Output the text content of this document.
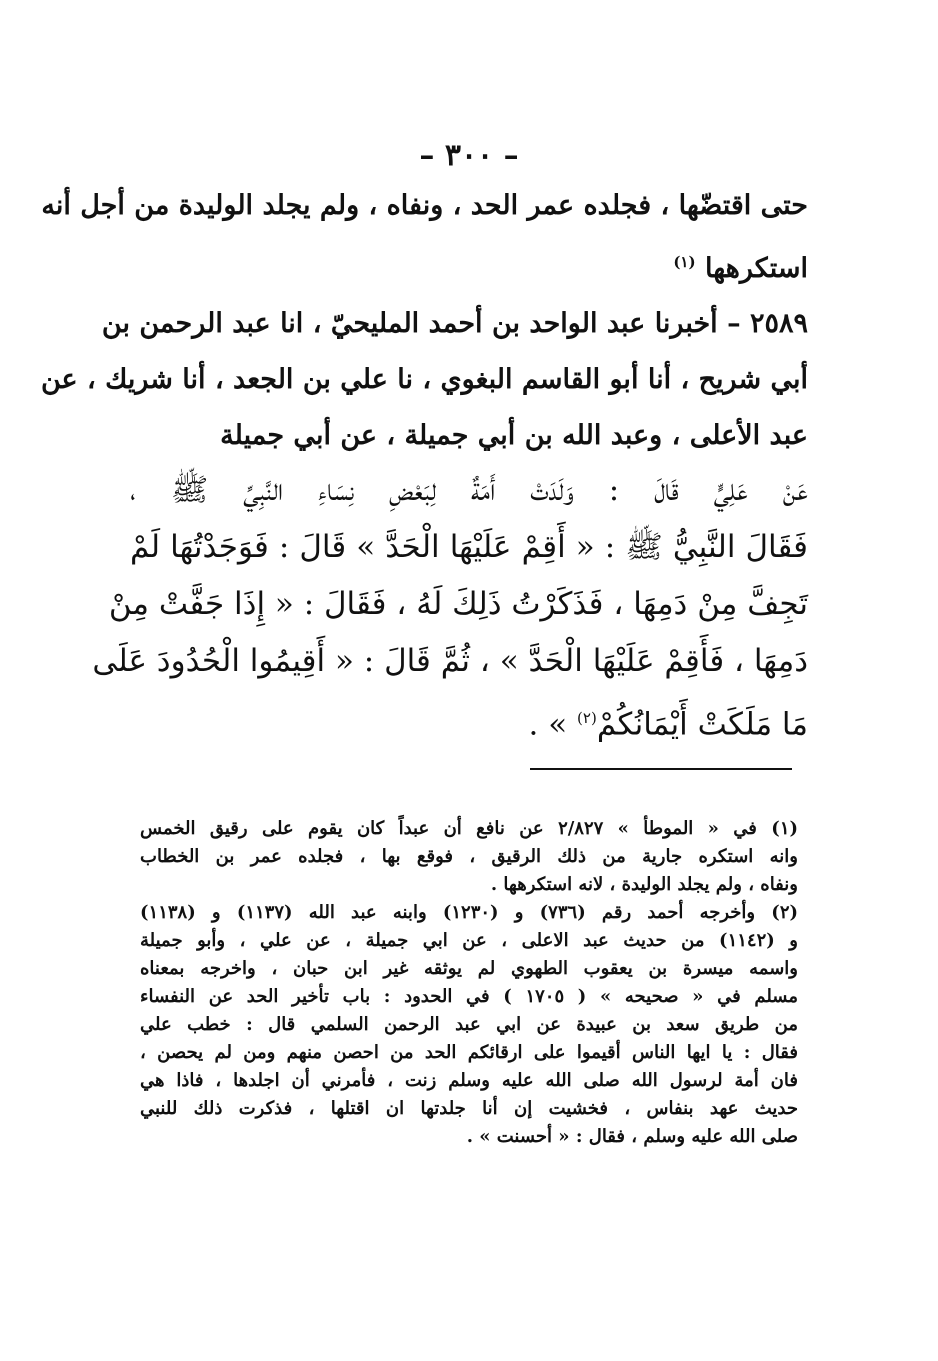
– ٣٠٠ –
حتى اقتضّها ، فجلده عمر الحد ، ونفاه ، ولم يجلد الوليدة من أجل أنه
استكرهها $^{(١)}$
٢٥٨٩ – أخبرنا عبد الواحد بن أحمد المليحيّ ، انا عبد الرحمن بن
أبي شريح ، أنا أبو القاسم البغوي ، نا علي بن الجعد ، أنا شريك ، عن
عبد الأعلى ، وعبد الله بن أبي جميلة ، عن أبي جميلة
عَنْ عَلِيٍّ قَالَ : وَلَدَتْ أَمَةٌ لِبَعْضِ نِسَاءِ النَّبِيِّ ﷺ ،
فَقَالَ النَّبِيُّ ﷺ : « أَقِمْ عَلَيْهَا الْحَدَّ » قَالَ : فَوَجَدْتُهَا لَمْ
تَجِفَّ مِنْ دَمِهَا ، فَذَكَرْتُ ذَلِكَ لَهُ ، فَقَالَ : « إِذَا جَفَّتْ مِنْ
دَمِهَا ، فَأَقِمْ عَلَيْهَا الْحَدَّ » ، ثُمَّ قَالَ : « أَقِيمُوا الْحُدُودَ عَلَى
مَا مَلَكَتْ أَيْمَانُكُمْ$^{(٢)}$ » .
(١) في « الموطأ » ٢/٨٢٧ عن نافع أن عبداً كان يقوم على رقيق الخمس
وانه استكره جارية من ذلك الرقيق ، فوقع بها ، فجلده عمر بن الخطاب
ونفاه ، ولم يجلد الوليدة ، لانه استكرهها .
(٢) وأخرجه أحمد رقم (٧٣٦) و (١٢٣٠) وابنه عبد الله (١١٣٧) و (١١٣٨)
و (١١٤٢) من حديث عبد الاعلى ، عن ابي جميلة ، عن علي ، وأبو جميلة
واسمه ميسرة بن يعقوب الطهوي لم يوثقه غير ابن حبان ، واخرجه بمعناه
مسلم في « صحيحه » ( ١٧٠٥ ) في الحدود : باب تأخير الحد عن النفساء
من طريق سعد بن عبيدة عن ابي عبد الرحمن السلمي قال : خطب علي
فقال : يا ايها الناس أقيموا على ارقائكم الحد من احصن منهم ومن لم يحصن ،
فان أمة لرسول الله صلى الله عليه وسلم زنت ، فأمرني أن اجلدها ، فاذا هي
حديث عهد بنفاس ، فخشيت إن أنا جلدتها ان اقتلها ، فذكرت ذلك للنبي
صلى الله عليه وسلم ، فقال : « أحسنت » .
